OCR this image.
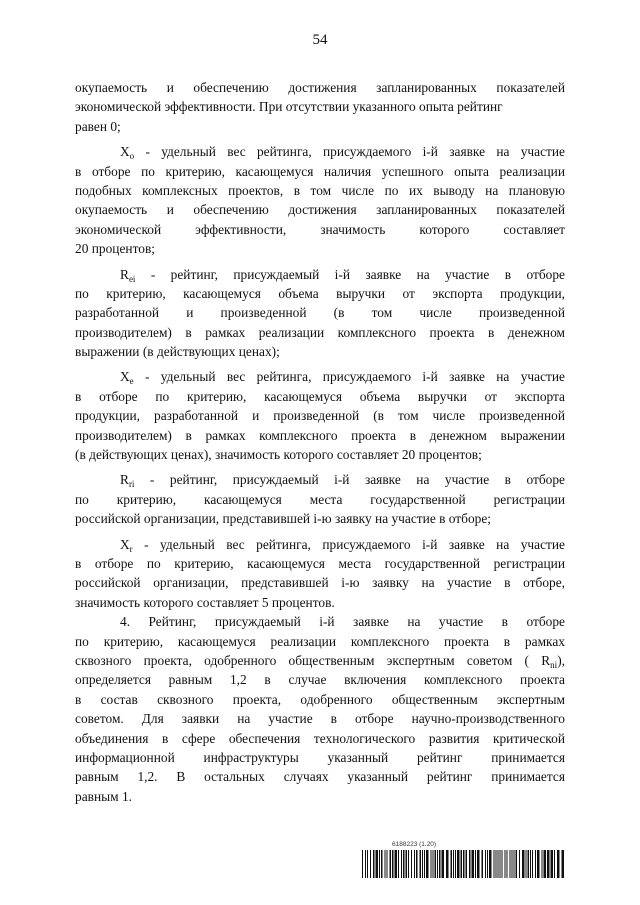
54
окупаемость и обеспечению достижения запланированных показателей
экономической эффективности. При отсутствии указанного опыта рейтинг
равен 0;
$X_o$ - удельный вес рейтинга, присуждаемого i-й заявке на участие
в отборе по критерию, касающемуся наличия успешного опыта реализации
подобных комплексных проектов, в том числе по их выводу на плановую
окупаемость и обеспечению достижения запланированных показателей
экономической эффективности, значимость которого составляет
20 процентов;
$R_{ei}$ - рейтинг, присуждаемый i-й заявке на участие в отборе
по критерию, касающемуся объема выручки от экспорта продукции,
разработанной и произведенной (в том числе произведенной
производителем) в рамках реализации комплексного проекта в денежном
выражении (в действующих ценах);
$X_e$ - удельный вес рейтинга, присуждаемого i-й заявке на участие
в отборе по критерию, касающемуся объема выручки от экспорта
продукции, разработанной и произведенной (в том числе произведенной
производителем) в рамках комплексного проекта в денежном выражении
(в действующих ценах), значимость которого составляет 20 процентов;
$R_{ri}$ - рейтинг, присуждаемый i-й заявке на участие в отборе
по критерию, касающемуся места государственной регистрации
российской организации, представившей i-ю заявку на участие в отборе;
$X_r$ - удельный вес рейтинга, присуждаемого i-й заявке на участие
в отборе по критерию, касающемуся места государственной регистрации
российской организации, представившей i-ю заявку на участие в отборе,
значимость которого составляет 5 процентов.
4. Рейтинг, присуждаемый i-й заявке на участие в отборе
по критерию, касающемуся реализации комплексного проекта в рамках
сквозного проекта, одобренного общественным экспертным советом ( $R_{ni}$),
определяется равным 1,2 в случае включения комплексного проекта
в состав сквозного проекта, одобренного общественным экспертным
советом. Для заявки на участие в отборе научно-производственного
объединения в сфере обеспечения технологического развития критической
информационной инфраструктуры указанный рейтинг принимается
равным 1,2. В остальных случаях указанный рейтинг принимается
равным 1.
6188223 (1.20)
